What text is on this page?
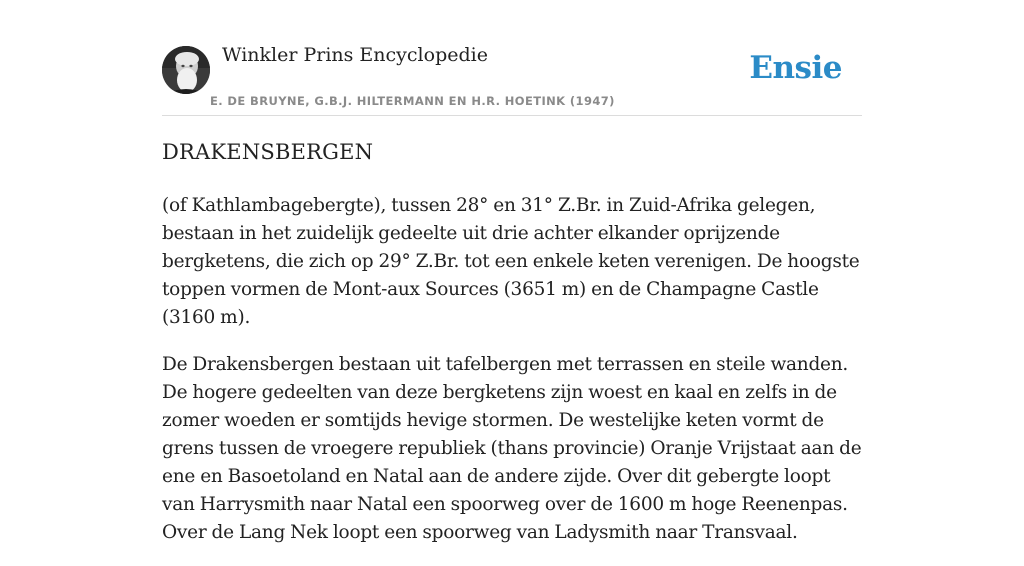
Winkler Prins Encyclopedie
E. DE BRUYNE, G.B.J. HILTERMANN EN H.R. HOETINK (1947)
Ensie
DRAKENSBERGEN

(of Kathlambagebergte), tussen 28° en 31° Z.Br. in Zuid-Afrika gelegen, bestaan in het zuidelijk gedeelte uit drie achter elkander oprijzende bergketens, die zich op 29° Z.Br. tot een enkele keten verenigen. De hoogste toppen vormen de Mont-aux Sources (3651 m) en de Champagne Castle (3160 m).

De Drakensbergen bestaan uit tafelbergen met terrassen en steile wanden. De hogere gedeelten van deze bergketens zijn woest en kaal en zelfs in de zomer woeden er somtijds hevige stormen. De westelijke keten vormt de grens tussen de vroegere republiek (thans provincie) Oranje Vrijstaat aan de ene en Basoetoland en Natal aan de andere zijde. Over dit gebergte loopt van Harrysmith naar Natal een spoorweg over de 1600 m hoge Reenenpas. Over de Lang Nek loopt een spoorweg van Ladysmith naar Transvaal.
